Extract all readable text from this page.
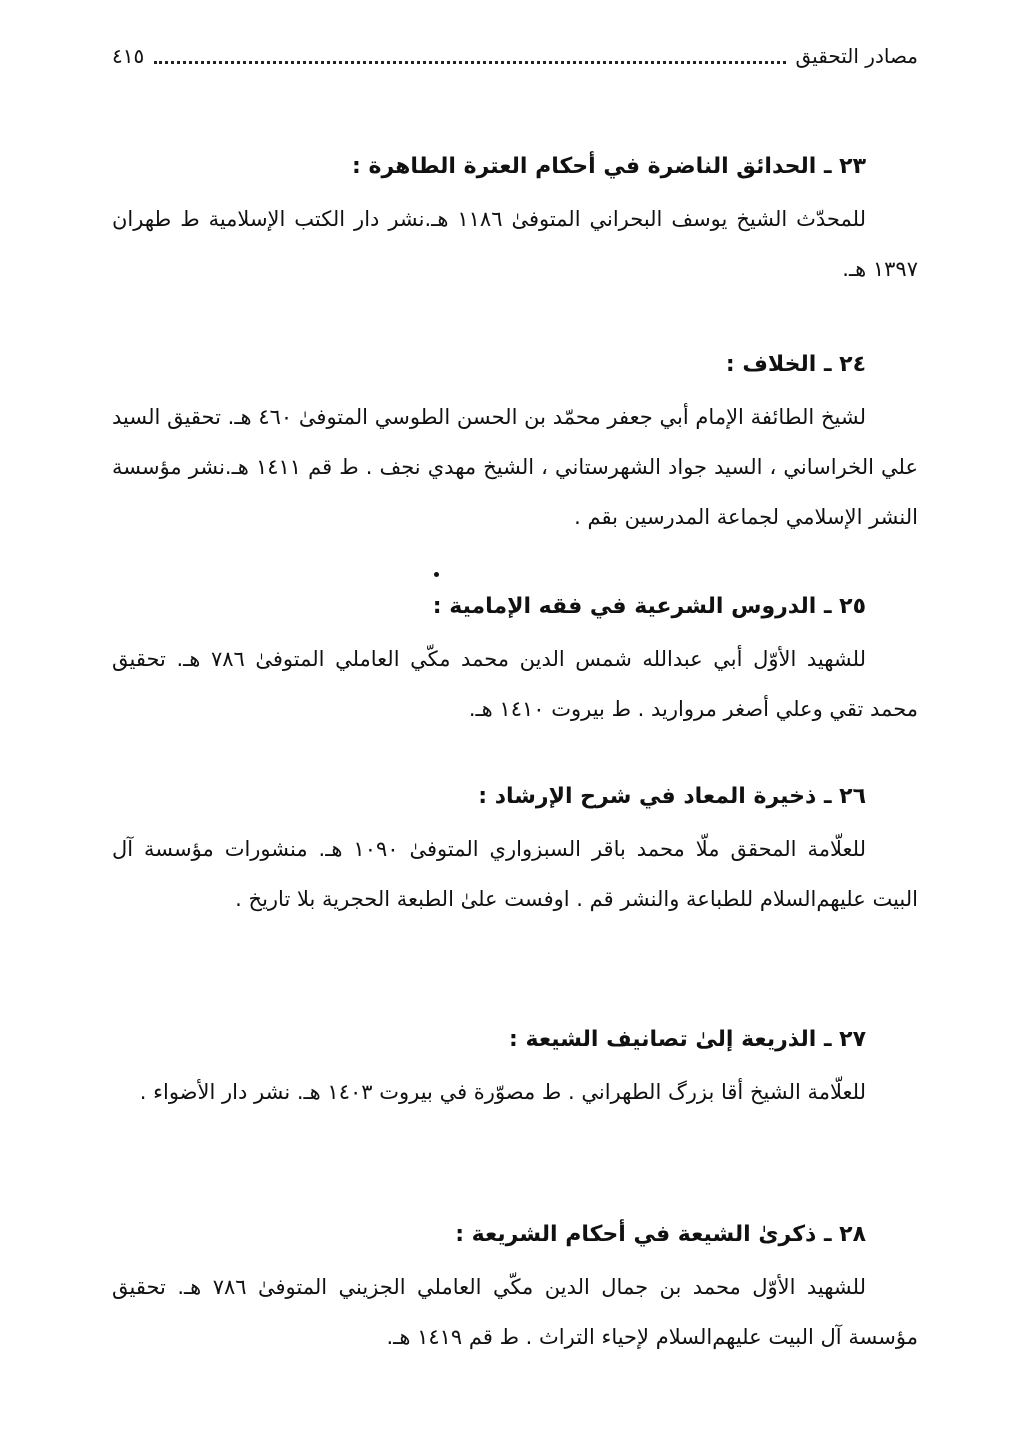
مصادر التحقيق
٤١٥
٢٣ ـ الحدائق الناضرة في أحكام العترة الطاهرة :

للمحدّث الشيخ يوسف البحراني المتوفىٰ ١١٨٦ هـ.نشر دار الكتب الإسلامية ط طهران ١٣٩٧ هـ.

٢٤ ـ الخلاف :

لشيخ الطائفة الإمام أبي جعفر محمّد بن الحسن الطوسي المتوفىٰ ٤٦٠ هـ. تحقيق السيد علي الخراساني ، السيد جواد الشهرستاني ، الشيخ مهدي نجف . ط قم ١٤١١ هـ.نشر مؤسسة النشر الإسلامي لجماعة المدرسين بقم .

٢٥ ـ الدروس الشرعية في فقه الإمامية :

للشهيد الأوّل أبي عبدالله شمس الدين محمد مكّي العاملي المتوفىٰ ٧٨٦ هـ. تحقيق محمد تقي وعلي أصغر مرواريد . ط بيروت ١٤١٠ هـ.

٢٦ ـ ذخيرة المعاد في شرح الإرشاد :

للعلّامة المحقق ملّا محمد باقر السبزواري المتوفىٰ ١٠٩٠ هـ. منشورات مؤسسة آل البيت عليهم‌السلام للطباعة والنشر قم . اوفست علىٰ الطبعة الحجرية بلا تاريخ .

٢٧ ـ الذريعة إلىٰ تصانيف الشيعة :

للعلّامة الشيخ أقا بزرگ الطهراني . ط مصوّرة في بيروت ١٤٠٣ هـ. نشر دار الأضواء .

٢٨ ـ ذكرىٰ الشيعة في أحكام الشريعة :

للشهيد الأوّل محمد بن جمال الدين مكّي العاملي الجزيني المتوفىٰ ٧٨٦ هـ. تحقيق مؤسسة آل البيت عليهم‌السلام لإحياء التراث . ط قم ١٤١٩ هـ.
